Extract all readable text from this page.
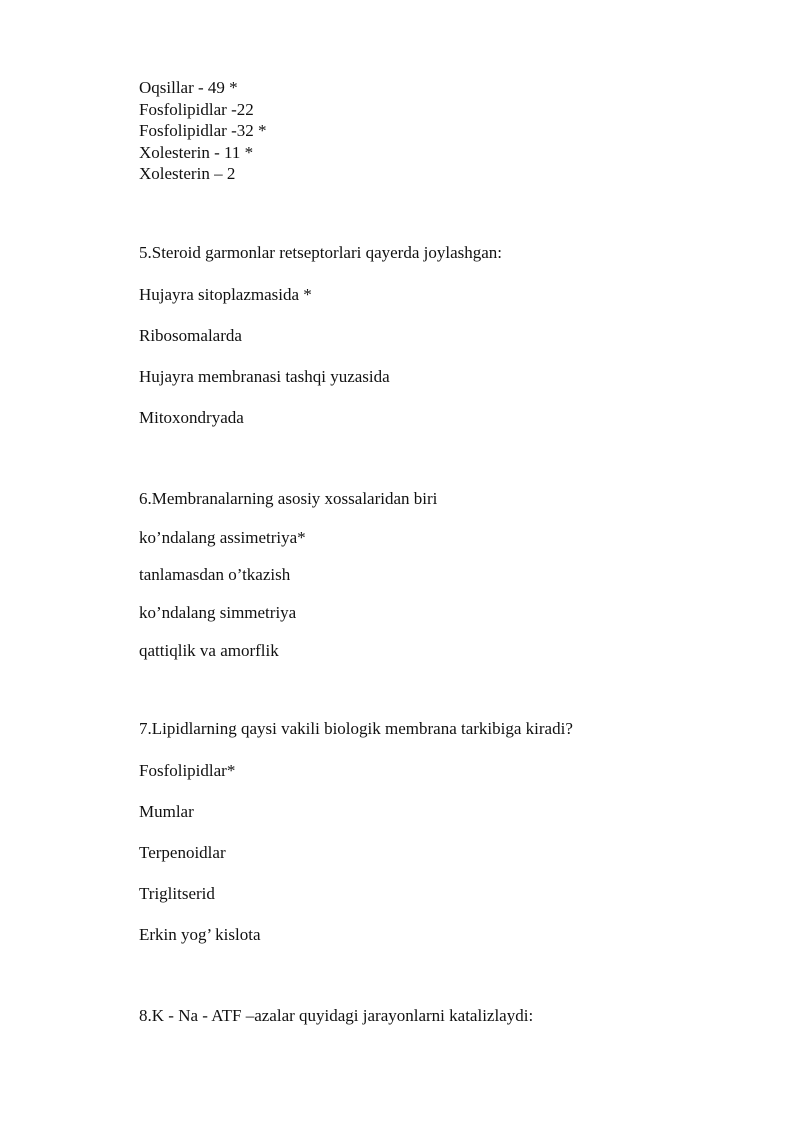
Oqsillar - 49 *
Fosfolipidlar -22
Fosfolipidlar -32 *
Xolesterin - 11 *
Xolesterin – 2
5.Steroid garmonlar retseptorlari qayerda joylashgan:
Hujayra sitoplazmasida *
Ribosomalarda
Hujayra membranasi tashqi yuzasida
Mitoxondryada
6.Membranalarning asosiy xossalaridan biri
ko’ndalang assimetriya*
tanlamasdan o’tkazish
ko’ndalang simmetriya
qattiqlik va amorflik
7.Lipidlarning qaysi vakili biologik membrana tarkibiga kiradi?
Fosfolipidlar*
Mumlar
Terpenoidlar
Triglitserid
Erkin yog’ kislota
8.K - Na - ATF –azalar quyidagi jarayonlarni katalizlaydi:
